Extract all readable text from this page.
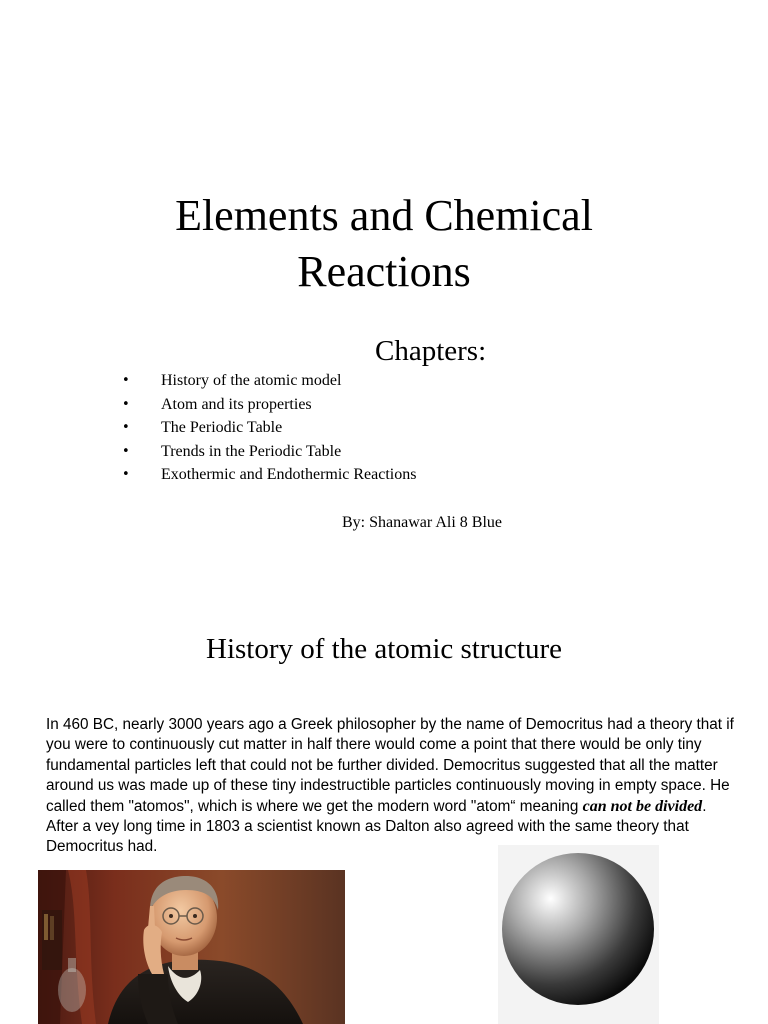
Elements and Chemical
Reactions
Chapters:
• History of the atomic model
• Atom and its properties
• The Periodic Table
• Trends in the Periodic Table
• Exothermic and Endothermic Reactions
By: Shanawar Ali 8 Blue
History of the atomic structure

In 460 BC, nearly 3000 years ago a Greek philosopher by the name of Democritus had a theory that if you were to continuously cut matter in half there would come a point that there would be only tiny fundamental particles left that could not be further divided. Democritus suggested that all the matter around us was made up of these tiny indestructible particles continuously moving in empty space. He called them "atomos", which is where we get the modern word "atom“ meaning can not be divided. After a vey long time in 1803 a scientist known as Dalton also agreed with the same theory that Democritus had.
